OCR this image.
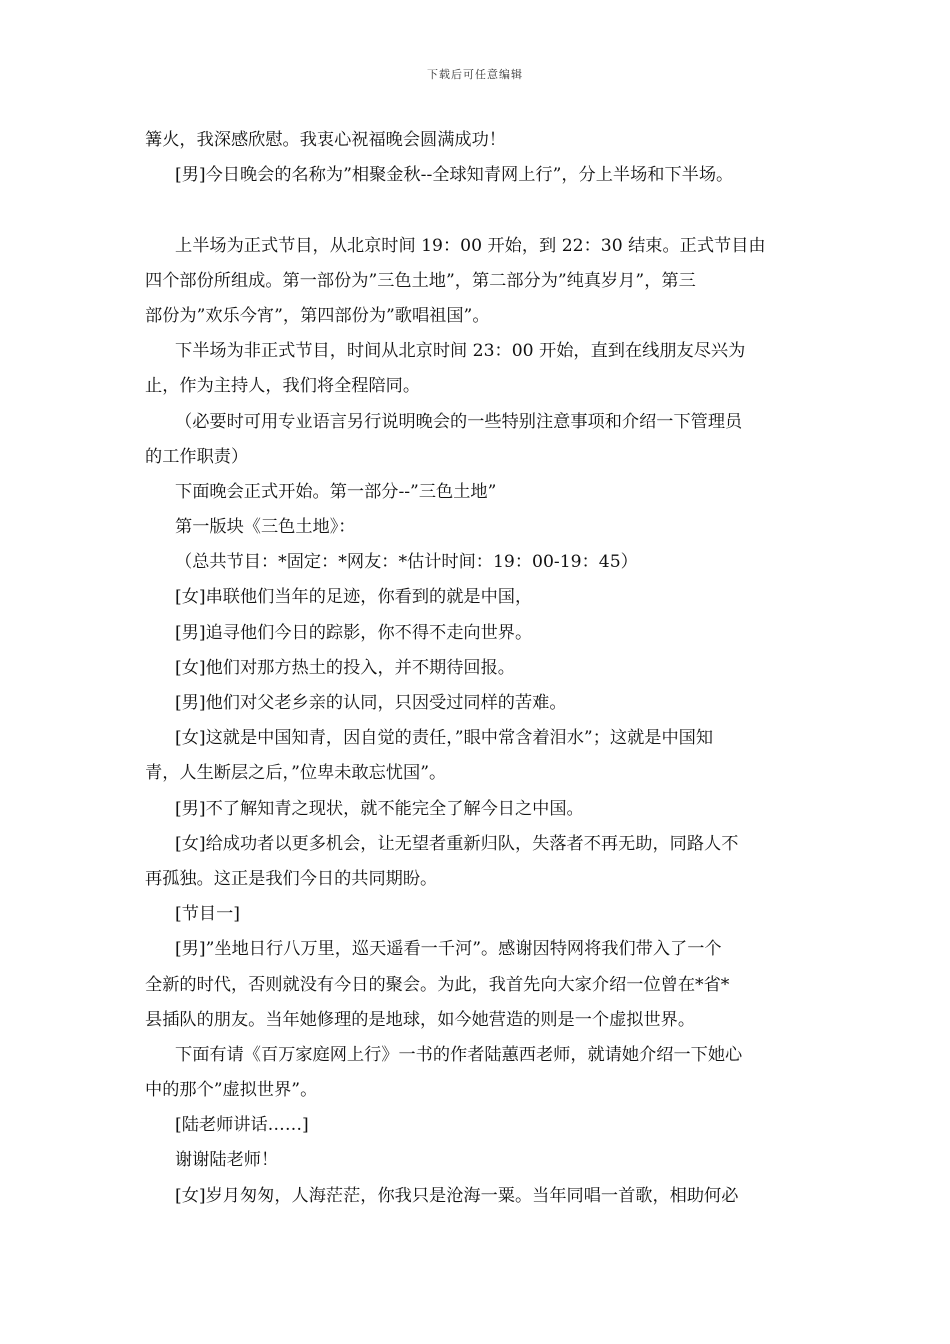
下载后可任意编辑
篝火，我深感欣慰。我衷心祝福晚会圆满成功！
[男]今日晚会的名称为”相聚金秋--全球知青网上行”，分上半场和下半场。
上半场为正式节目，从北京时间 19：00 开始，到 22：30 结束。正式节目由
四个部份所组成。第一部份为”三色土地”，第二部分为”纯真岁月”，第三
部份为”欢乐今宵”，第四部份为”歌唱祖国”。
下半场为非正式节目，时间从北京时间 23：00 开始，直到在线朋友尽兴为
止，作为主持人，我们将全程陪同。
（必要时可用专业语言另行说明晚会的一些特别注意事项和介绍一下管理员
的工作职责）
下面晚会正式开始。第一部分--”三色土地”
第一版块《三色土地》：
（总共节目：*固定：*网友：*估计时间：19：00-19：45）
[女]串联他们当年的足迹，你看到的就是中国，
[男]追寻他们今日的踪影，你不得不走向世界。
[女]他们对那方热土的投入，并不期待回报。
[男]他们对父老乡亲的认同，只因受过同样的苦难。
[女]这就是中国知青，因自觉的责任，”眼中常含着泪水”；这就是中国知
青，人生断层之后，”位卑未敢忘忧国”。
[男]不了解知青之现状，就不能完全了解今日之中国。
[女]给成功者以更多机会，让无望者重新归队，失落者不再无助，同路人不
再孤独。这正是我们今日的共同期盼。
[节目一]
[男]”坐地日行八万里，巡天遥看一千河”。感谢因特网将我们带入了一个
全新的时代，否则就没有今日的聚会。为此，我首先向大家介绍一位曾在*省*
县插队的朋友。当年她修理的是地球，如今她营造的则是一个虚拟世界。
下面有请《百万家庭网上行》一书的作者陆蕙西老师，就请她介绍一下她心
中的那个”虚拟世界”。
[陆老师讲话……]
谢谢陆老师！
[女]岁月匆匆，人海茫茫，你我只是沧海一粟。当年同唱一首歌，相助何必
